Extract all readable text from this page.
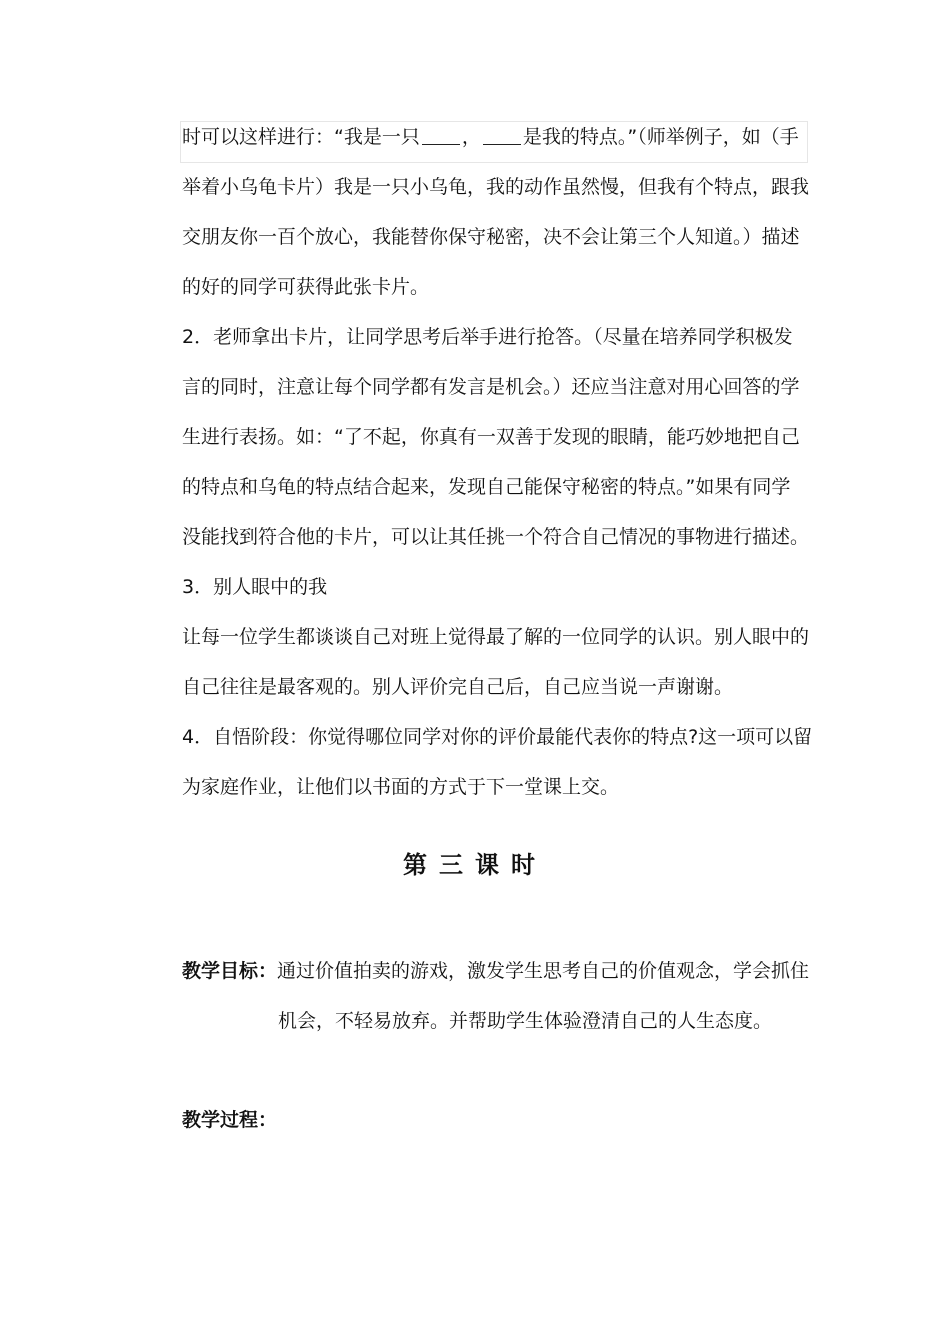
时可以这样进行：“我是一只 ， 是我的特点。”（师举例子，如（手
举着小乌龟卡片）我是一只小乌龟，我的动作虽然慢，但我有个特点，跟我
交朋友你一百个放心，我能替你保守秘密，决不会让第三个人知道。）描述
的好的同学可获得此张卡片。
2．老师拿出卡片，让同学思考后举手进行抢答。（尽量在培养同学积极发
言的同时，注意让每个同学都有发言是机会。）还应当注意对用心回答的学
生进行表扬。如：“了不起，你真有一双善于发现的眼睛，能巧妙地把自己
的特点和乌龟的特点结合起来，发现自己能保守秘密的特点。”如果有同学
没能找到符合他的卡片，可以让其任挑一个符合自己情况的事物进行描述。
3．别人眼中的我
让每一位学生都谈谈自己对班上觉得最了解的一位同学的认识。别人眼中的
自己往往是最客观的。别人评价完自己后，自己应当说一声谢谢。
4．自悟阶段：你觉得哪位同学对你的评价最能代表你的特点?这一项可以留
为家庭作业，让他们以书面的方式于下一堂课上交。
第三课时
教学目标：通过价值拍卖的游戏，激发学生思考自己的价值观念，学会抓住
机会，不轻易放弃。并帮助学生体验澄清自己的人生态度。
教学过程：
